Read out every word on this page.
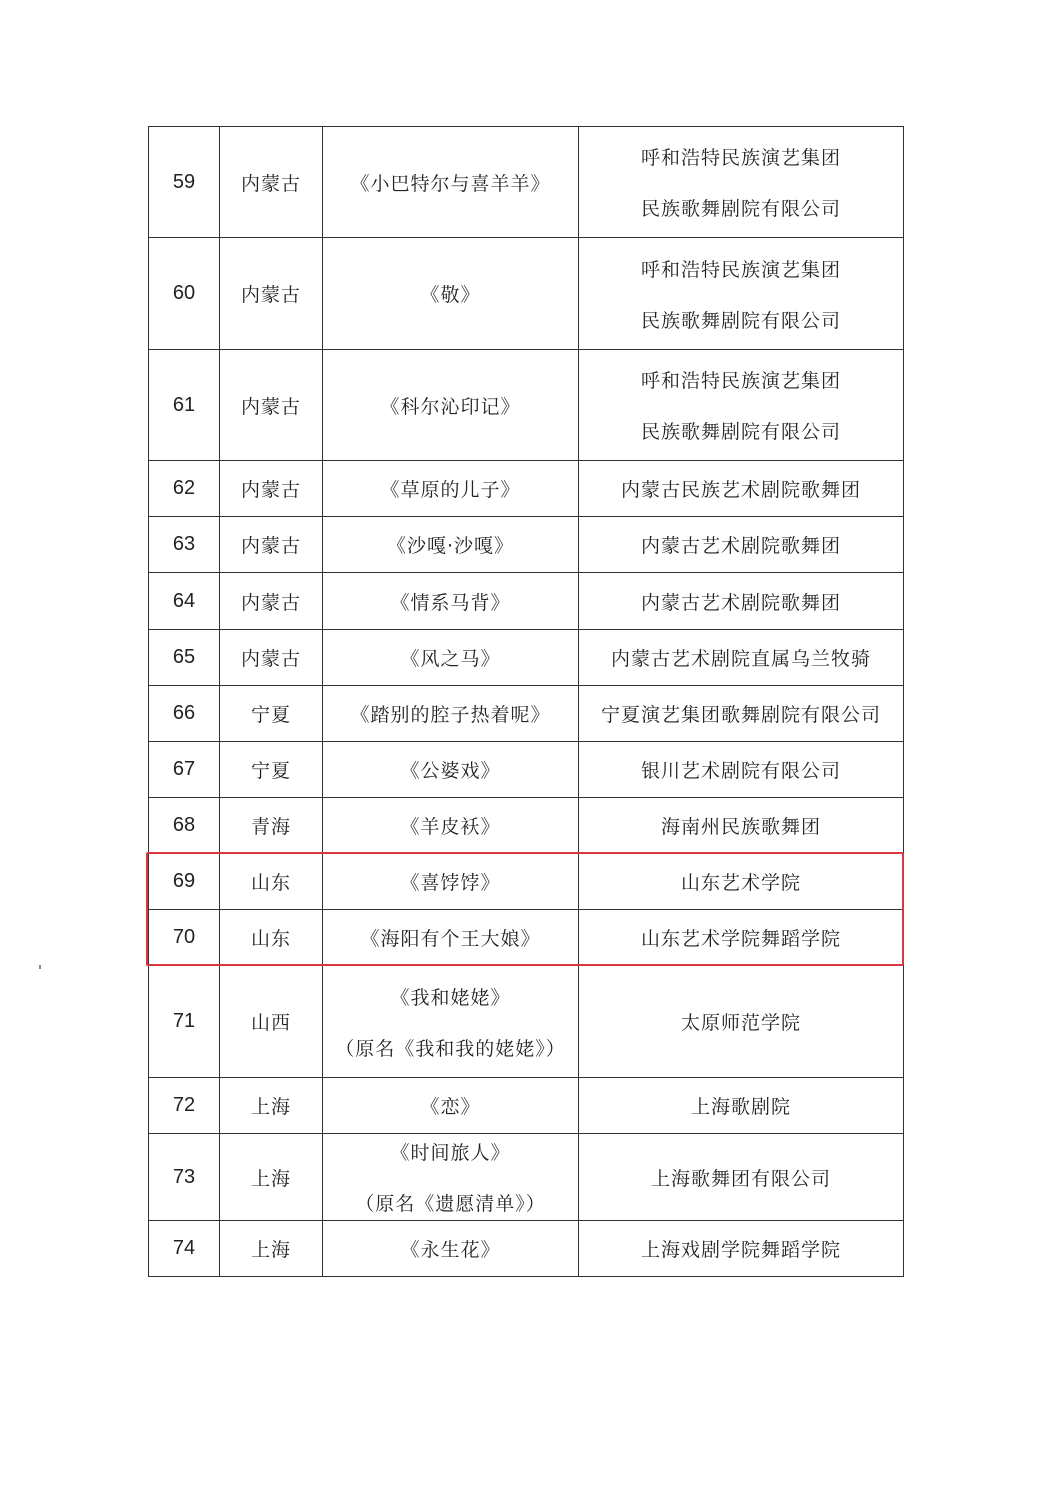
59	内蒙古	《小巴特尔与喜羊羊》	呼和浩特民族演艺集团
民族歌舞剧院有限公司

60	内蒙古	《敬》	呼和浩特民族演艺集团
民族歌舞剧院有限公司

61	内蒙古	《科尔沁印记》	呼和浩特民族演艺集团
民族歌舞剧院有限公司

62	内蒙古	《草原的儿子》	内蒙古民族艺术剧院歌舞团

63	内蒙古	《沙嘎·沙嘎》	内蒙古艺术剧院歌舞团

64	内蒙古	《情系马背》	内蒙古艺术剧院歌舞团

65	内蒙古	《风之马》	内蒙古艺术剧院直属乌兰牧骑

66	宁夏	《踏别的腔子热着呢》	宁夏演艺集团歌舞剧院有限公司

67	宁夏	《公婆戏》	银川艺术剧院有限公司

68	青海	《羊皮袄》	海南州民族歌舞团

69	山东	《喜饽饽》	山东艺术学院

70	山东	《海阳有个王大娘》	山东艺术学院舞蹈学院

71	山西	《我和姥姥》
（原名《我和我的姥姥》）	太原师范学院

72	上海	《恋》	上海歌剧院

73	上海	《时间旅人》
（原名《遗愿清单》）	上海歌舞团有限公司

74	上海	《永生花》	上海戏剧学院舞蹈学院
